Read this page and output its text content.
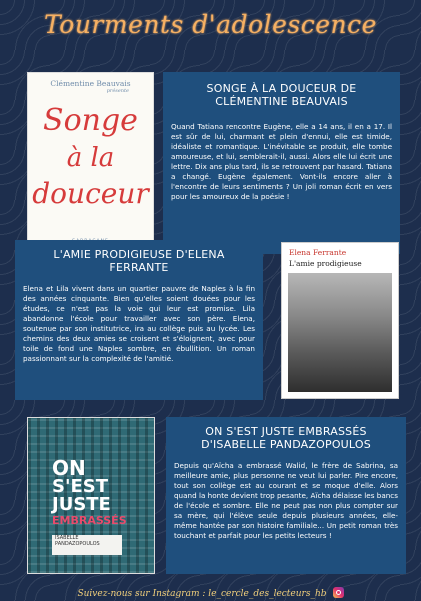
Tourments d'adolescence
Clémentine Beauvais
présente
Songe
à la
douceur
SONGE À LA DOUCEUR DE CLÉMENTINE BEAUVAIS

Quand Tatiana rencontre Eugène, elle a 14 ans, il en a 17. Il est sûr de lui, charmant et plein d'ennui, elle est timide, idéaliste et romantique. L'inévitable se produit, elle tombe amoureuse, et lui, semblerait-il, aussi. Alors elle lui écrit une lettre. Dix ans plus tard, ils se retrouvent par hasard. Tatiana a changé. Eugène également. Vont-ils encore aller à l'encontre de leurs sentiments ? Un joli roman écrit en vers pour les amoureux de la poésie !

L'AMIE PRODIGIEUSE D'ELENA FERRANTE

Elena et Lila vivent dans un quartier pauvre de Naples à la fin des années cinquante. Bien qu'elles soient douées pour les études, ce n'est pas la voie qui leur est promise. Lila abandonne l'école pour travailler avec son père. Elena, soutenue par son institutrice, ira au collège puis au lycée. Les chemins des deux amies se croisent et s'éloignent, avec pour toile de fond une Naples sombre, en ébullition. Un roman passionnant sur la complexité de l'amitié.

Elena Ferrante
L'amie prodigieuse
ON
S'EST
JUSTE
EMBRASSÉS
ISABELLE
PANDAZOPOULOS
ON S'EST JUSTE EMBRASSÉS D'ISABELLE PANDAZOPOULOS

Depuis qu'Aïcha a embrassé Walid, le frère de Sabrina, sa meilleure amie, plus personne ne veut lui parler. Pire encore, tout son collège est au courant et se moque d'elle. Alors quand la honte devient trop pesante, Aïcha délaisse les bancs de l'école et sombre. Elle ne peut pas non plus compter sur sa mère, qui l'élève seule depuis plusieurs années, elle-même hantée par son histoire familiale... Un petit roman très touchant et parfait pour les petits lecteurs !

Suivez-nous sur Instagram : le_cercle_des_lecteurs_hb
